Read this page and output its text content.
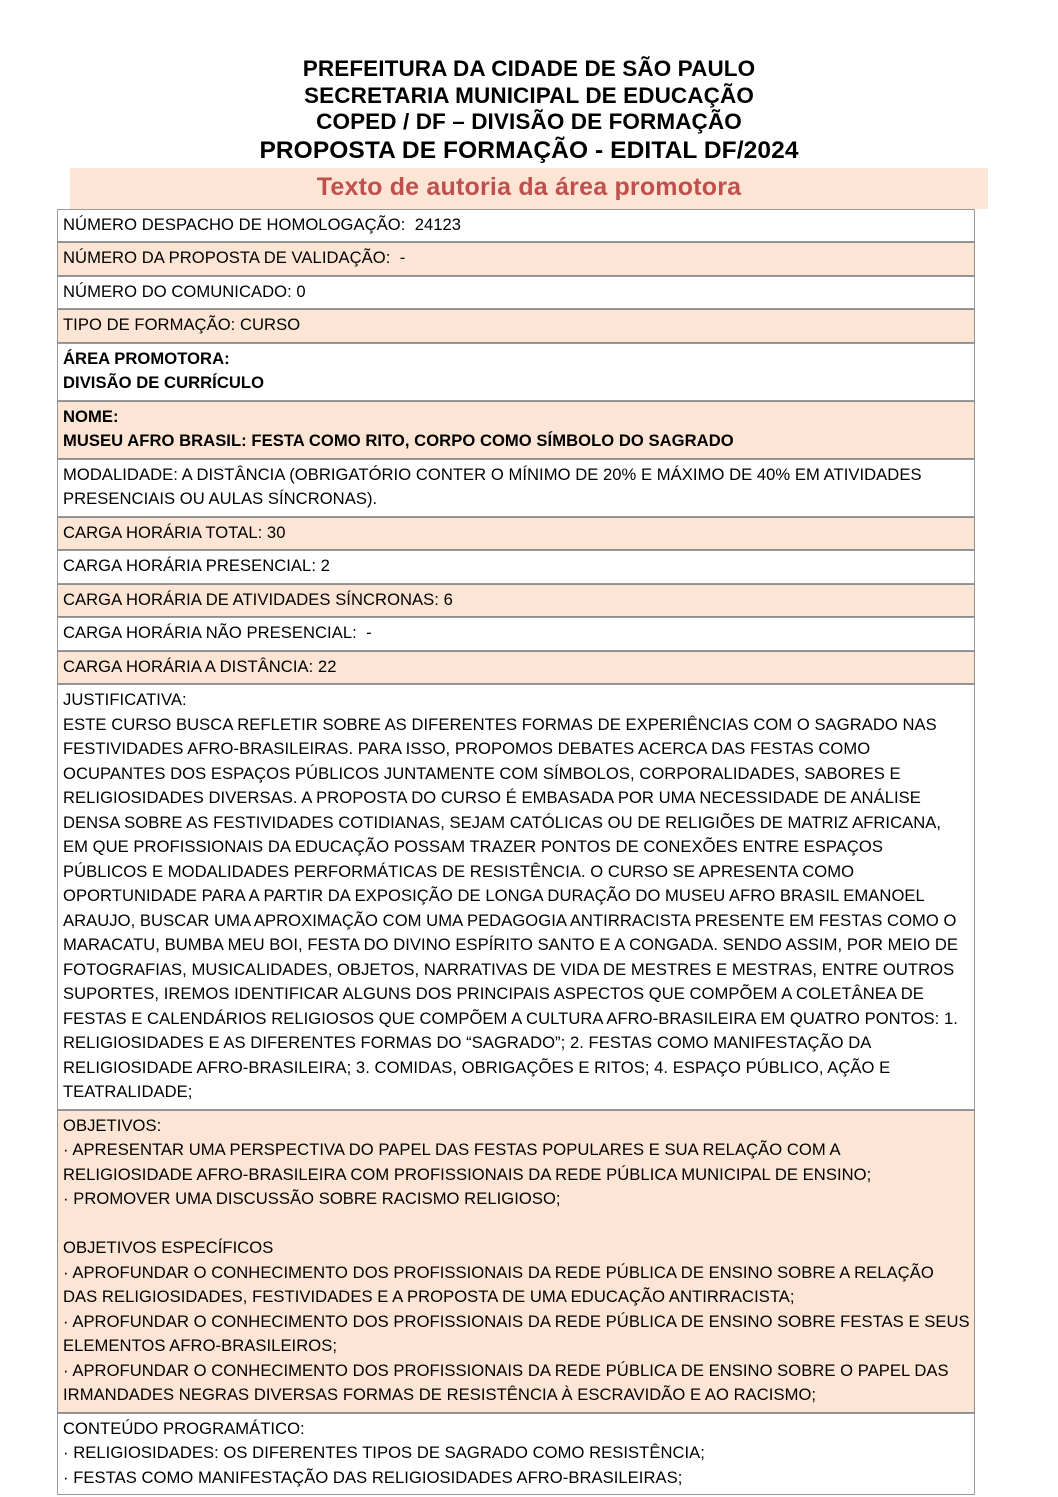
PREFEITURA DA CIDADE DE SÃO PAULO
SECRETARIA MUNICIPAL DE EDUCAÇÃO
COPED / DF – DIVISÃO DE FORMAÇÃO
PROPOSTA DE FORMAÇÃO - EDITAL DF/2024
Texto de autoria da área promotora
NÚMERO DESPACHO DE HOMOLOGAÇÃO:  24123

NÚMERO DA PROPOSTA DE VALIDAÇÃO:  -

NÚMERO DO COMUNICADO: 0

TIPO DE FORMAÇÃO: CURSO

ÁREA PROMOTORA:
DIVISÃO DE CURRÍCULO

NOME:
MUSEU AFRO BRASIL: FESTA COMO RITO, CORPO COMO SÍMBOLO DO SAGRADO

MODALIDADE: A DISTÂNCIA (OBRIGATÓRIO CONTER O MÍNIMO DE 20% E MÁXIMO DE 40% EM ATIVIDADES PRESENCIAIS OU AULAS SÍNCRONAS).

CARGA HORÁRIA TOTAL: 30

CARGA HORÁRIA PRESENCIAL: 2

CARGA HORÁRIA DE ATIVIDADES SÍNCRONAS: 6

CARGA HORÁRIA NÃO PRESENCIAL:  -

CARGA HORÁRIA A DISTÂNCIA: 22

JUSTIFICATIVA:
ESTE CURSO BUSCA REFLETIR SOBRE AS DIFERENTES FORMAS DE EXPERIÊNCIAS COM O SAGRADO NAS FESTIVIDADES AFRO-BRASILEIRAS. PARA ISSO, PROPOMOS DEBATES ACERCA DAS FESTAS COMO OCUPANTES DOS ESPAÇOS PÚBLICOS JUNTAMENTE COM SÍMBOLOS, CORPORALIDADES, SABORES E RELIGIOSIDADES DIVERSAS. A PROPOSTA DO CURSO É EMBASADA POR UMA NECESSIDADE DE ANÁLISE DENSA SOBRE AS FESTIVIDADES COTIDIANAS, SEJAM CATÓLICAS OU DE RELIGIÕES DE MATRIZ AFRICANA, EM QUE PROFISSIONAIS DA EDUCAÇÃO POSSAM TRAZER PONTOS DE CONEXÕES ENTRE ESPAÇOS PÚBLICOS E MODALIDADES PERFORMÁTICAS DE RESISTÊNCIA. O CURSO SE APRESENTA COMO OPORTUNIDADE PARA A PARTIR DA EXPOSIÇÃO DE LONGA DURAÇÃO DO MUSEU AFRO BRASIL EMANOEL ARAUJO, BUSCAR UMA APROXIMAÇÃO COM UMA PEDAGOGIA ANTIRRACISTA PRESENTE EM FESTAS COMO O MARACATU, BUMBA MEU BOI, FESTA DO DIVINO ESPÍRITO SANTO E A CONGADA. SENDO ASSIM, POR MEIO DE FOTOGRAFIAS, MUSICALIDADES, OBJETOS, NARRATIVAS DE VIDA DE MESTRES E MESTRAS, ENTRE OUTROS SUPORTES, IREMOS IDENTIFICAR ALGUNS DOS PRINCIPAIS ASPECTOS QUE COMPÕEM A COLETÂNEA DE FESTAS E CALENDÁRIOS RELIGIOSOS QUE COMPÕEM A CULTURA AFRO-BRASILEIRA EM QUATRO PONTOS: 1. RELIGIOSIDADES E AS DIFERENTES FORMAS DO “SAGRADO”; 2. FESTAS COMO MANIFESTAÇÃO DA RELIGIOSIDADE AFRO-BRASILEIRA; 3. COMIDAS, OBRIGAÇÕES E RITOS; 4. ESPAÇO PÚBLICO, AÇÃO E TEATRALIDADE;

OBJETIVOS:
· APRESENTAR UMA PERSPECTIVA DO PAPEL DAS FESTAS POPULARES E SUA RELAÇÃO COM A RELIGIOSIDADE AFRO-BRASILEIRA COM PROFISSIONAIS DA REDE PÚBLICA MUNICIPAL DE ENSINO;
· PROMOVER UMA DISCUSSÃO SOBRE RACISMO RELIGIOSO;
OBJETIVOS ESPECÍFICOS
· APROFUNDAR O CONHECIMENTO DOS PROFISSIONAIS DA REDE PÚBLICA DE ENSINO SOBRE A RELAÇÃO DAS RELIGIOSIDADES, FESTIVIDADES E A PROPOSTA DE UMA EDUCAÇÃO ANTIRRACISTA;
· APROFUNDAR O CONHECIMENTO DOS PROFISSIONAIS DA REDE PÚBLICA DE ENSINO SOBRE FESTAS E SEUS ELEMENTOS AFRO-BRASILEIROS;
· APROFUNDAR O CONHECIMENTO DOS PROFISSIONAIS DA REDE PÚBLICA DE ENSINO SOBRE O PAPEL DAS IRMANDADES NEGRAS DIVERSAS FORMAS DE RESISTÊNCIA À ESCRAVIDÃO E AO RACISMO;

CONTEÚDO PROGRAMÁTICO:
· RELIGIOSIDADES: OS DIFERENTES TIPOS DE SAGRADO COMO RESISTÊNCIA;
· FESTAS COMO MANIFESTAÇÃO DAS RELIGIOSIDADES AFRO-BRASILEIRAS;
